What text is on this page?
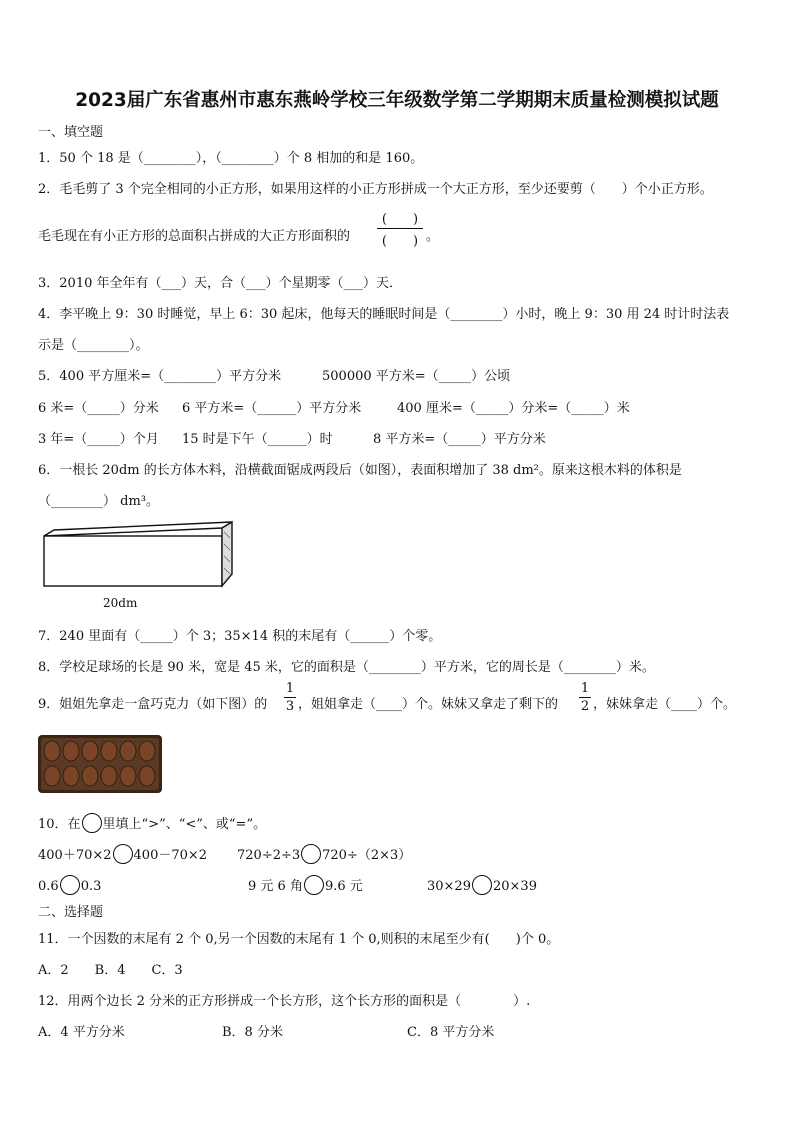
2023届广东省惠州市惠东燕岭学校三年级数学第二学期期末质量检测模拟试题
一、填空题
1．50 个 18 是（________），（________）个 8 相加的和是 160。
2．毛毛剪了 3 个完全相同的小正方形，如果用这样的小正方形拼成一个大正方形，至少还要剪（　　）个小正方形。
毛毛现在有小正方形的总面积占拼成的大正方形面积的
(　　)
(　　) 。
3．2010 年全年有（___）天，合（___）个星期零（___）天．
4．李平晚上 9：30 时睡觉，早上 6：30 起床，他每天的睡眠时间是（________）小时，晚上 9：30 用 24 时计时法表
示是（________）。
5．400 平方厘米=（________）平方分米	500000 平方米=（_____）公顷
6 米=（_____）分米 6 平方米=（______）平方分米	400 厘米=（_____）分米=（_____）米
3 年=（_____）个月 15 时是下午（______）时	8 平方米=（_____）平方分米
6．一根长 20dm 的长方体木料，沿横截面锯成两段后（如图），表面积增加了 38 dm²。原来这根木料的体积是
（________） dm³。
20dm
7．240 里面有（_____）个 3；35×14 积的末尾有（______）个零。
8．学校足球场的长是 90 米，宽是 45 米，它的面积是（________）平方米，它的周长是（________）米。
9．姐姐先拿走一盒巧克力（如下图）的
1
3 ，姐姐拿走（____）个。妹妹又拿走了剩下的
1
2 ，妹妹拿走（____）个。
10．在 里填上“>”、“<”、或“=”。
400＋70×2 400－70×2 720÷2÷3 720÷（2×3）
0.6 0.3	9 元 6 角 9.6 元	30×29 20×39
二、选择题
11．一个因数的末尾有 2 个 0,另一个因数的末尾有 1 个 0,则积的末尾至少有(　　)个 0。
A．2　　B．4　　C．3
12．用两个边长 2 分米的正方形拼成一个长方形，这个长方形的面积是（　　　　）.
A．4 平方分米	B．8 分米	C．8 平方分米
